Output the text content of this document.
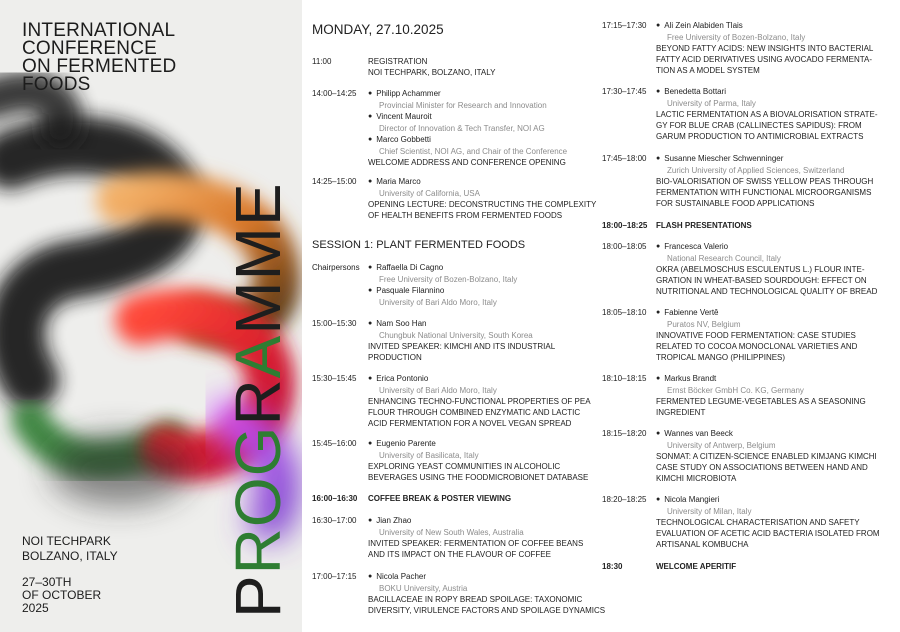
INTERNATIONAL
CONFERENCE
ON FERMENTED
FOODS
NOI TECHPARK
BOLZANO, ITALY
27–30TH
OF OCTOBER
2025	PROGRAMME
MONDAY, 27.10.2025
SESSION 1: PLANT FERMENTED FOODS
11:00	REGISTRATION
NOI TECHPARK, BOLZANO, ITALY
14:00–14:25	● Philipp Achammer
Provincial Minister for Research and Innovation
● Vincent Mauroit
Director of Innovation & Tech Transfer, NOI AG
● Marco Gobbetti
Chief Scientist, NOI AG, and Chair of the Conference
WELCOME ADDRESS AND CONFERENCE OPENING
14:25–15:00	● Maria Marco
University of California, USA
OPENING LECTURE: DECONSTRUCTING THE COMPLEXITY
OF HEALTH BENEFITS FROM FERMENTED FOODS
Chairpersons	● Raffaella Di Cagno
Free University of Bozen-Bolzano, Italy
● Pasquale Filannino
University of Bari Aldo Moro, Italy
15:00–15:30	● Nam Soo Han
Chungbuk National University, South Korea
INVITED SPEAKER: KIMCHI AND ITS INDUSTRIAL
PRODUCTION
15:30–15:45	● Erica Pontonio
University of Bari Aldo Moro, Italy
ENHANCING TECHNO-FUNCTIONAL PROPERTIES OF PEA
FLOUR THROUGH COMBINED ENZYMATIC AND LACTIC
ACID FERMENTATION FOR A NOVEL VEGAN SPREAD
15:45–16:00	● Eugenio Parente
University of Basilicata, Italy
EXPLORING YEAST COMMUNITIES IN ALCOHOLIC
BEVERAGES USING THE FOODMICROBIONET DATABASE
16:00–16:30 COFFEE BREAK & POSTER VIEWING
16:30–17:00	● Jian Zhao
University of New South Wales, Australia
INVITED SPEAKER: FERMENTATION OF COFFEE BEANS
AND ITS IMPACT ON THE FLAVOUR OF COFFEE
17:00–17:15	● Nicola Pacher
BOKU University, Austria
BACILLACEAE IN ROPY BREAD SPOILAGE: TAXONOMIC
DIVERSITY, VIRULENCE FACTORS AND SPOILAGE DYNAMICS
17:15–17:30	● Ali Zein Alabiden Tlais
Free University of Bozen-Bolzano, Italy
BEYOND FATTY ACIDS: NEW INSIGHTS INTO BACTERIAL
FATTY ACID DERIVATIVES USING AVOCADO FERMENTA-
TION AS A MODEL SYSTEM
17:30–17:45	● Benedetta Bottari
University of Parma, Italy
LACTIC FERMENTATION AS A BIOVALORISATION STRATE-
GY FOR BLUE CRAB (CALLINECTES SAPIDUS): FROM
GARUM PRODUCTION TO ANTIMICROBIAL EXTRACTS
17:45–18:00	● Susanne Miescher Schwenninger
Zurich University of Applied Sciences, Switzerland
BIO-VALORISATION OF SWISS YELLOW PEAS THROUGH
FERMENTATION WITH FUNCTIONAL MICROORGANISMS
FOR SUSTAINABLE FOOD APPLICATIONS
18:00–18:25 FLASH PRESENTATIONS
18:00–18:05	● Francesca Valerio
National Research Council, Italy
OKRA (ABELMOSCHUS ESCULENTUS L.) FLOUR INTE-
GRATION IN WHEAT-BASED SOURDOUGH: EFFECT ON
NUTRITIONAL AND TECHNOLOGICAL QUALITY OF BREAD
18:05–18:10	● Fabienne Vertê
Puratos NV, Belgium
INNOVATIVE FOOD FERMENTATION: CASE STUDIES
RELATED TO COCOA MONOCLONAL VARIETIES AND
TROPICAL MANGO (PHILIPPINES)
18:10–18:15	● Markus Brandt
Ernst Böcker GmbH Co. KG, Germany
FERMENTED LEGUME-VEGETABLES AS A SEASONING
INGREDIENT
18:15–18:20	● Wannes van Beeck
University of Antwerp, Belgium
SONMAT: A CITIZEN-SCIENCE ENABLED KIMJANG KIMCHI
CASE STUDY ON ASSOCIATIONS BETWEEN HAND AND
KIMCHI MICROBIOTA
18:20–18:25	● Nicola Mangieri
University of Milan, Italy
TECHNOLOGICAL CHARACTERISATION AND SAFETY
EVALUATION OF ACETIC ACID BACTERIA ISOLATED FROM
ARTISANAL KOMBUCHA
18:30	WELCOME APERITIF
